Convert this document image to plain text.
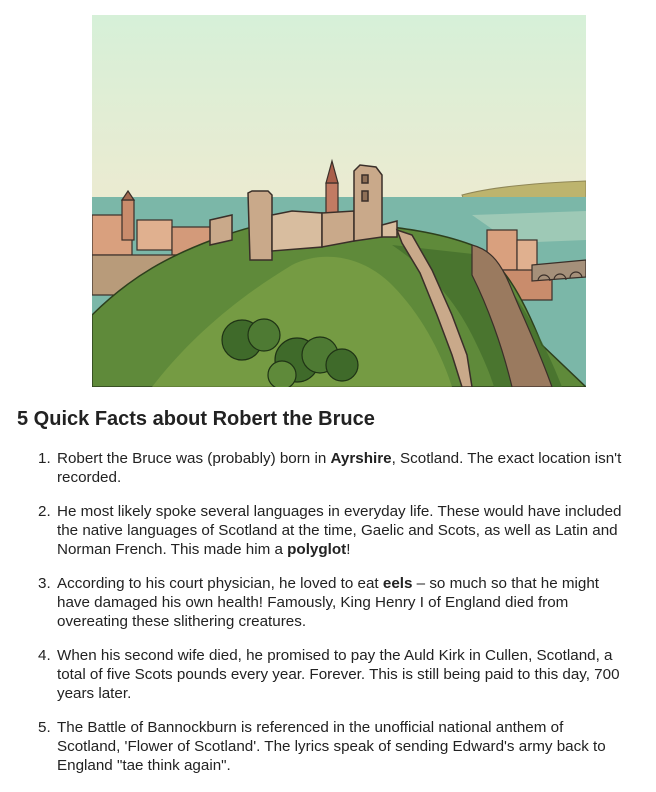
5 Quick Facts about Robert the Bruce
1. Robert the Bruce was (probably) born in Ayrshire, Scotland. The exact location isn't recorded.
2. He most likely spoke several languages in everyday life. These would have included the native languages of Scotland at the time, Gaelic and Scots, as well as Latin and Norman French. This made him a polyglot!
3. According to his court physician, he loved to eat eels – so much so that he might have damaged his own health! Famously, King Henry I of England died from overeating these slithering creatures.
4. When his second wife died, he promised to pay the Auld Kirk in Cullen, Scotland, a total of five Scots pounds every year. Forever. This is still being paid to this day, 700 years later.
5. The Battle of Bannockburn is referenced in the unofficial national anthem of Scotland, 'Flower of Scotland'. The lyrics speak of sending Edward's army back to England "tae think again".
